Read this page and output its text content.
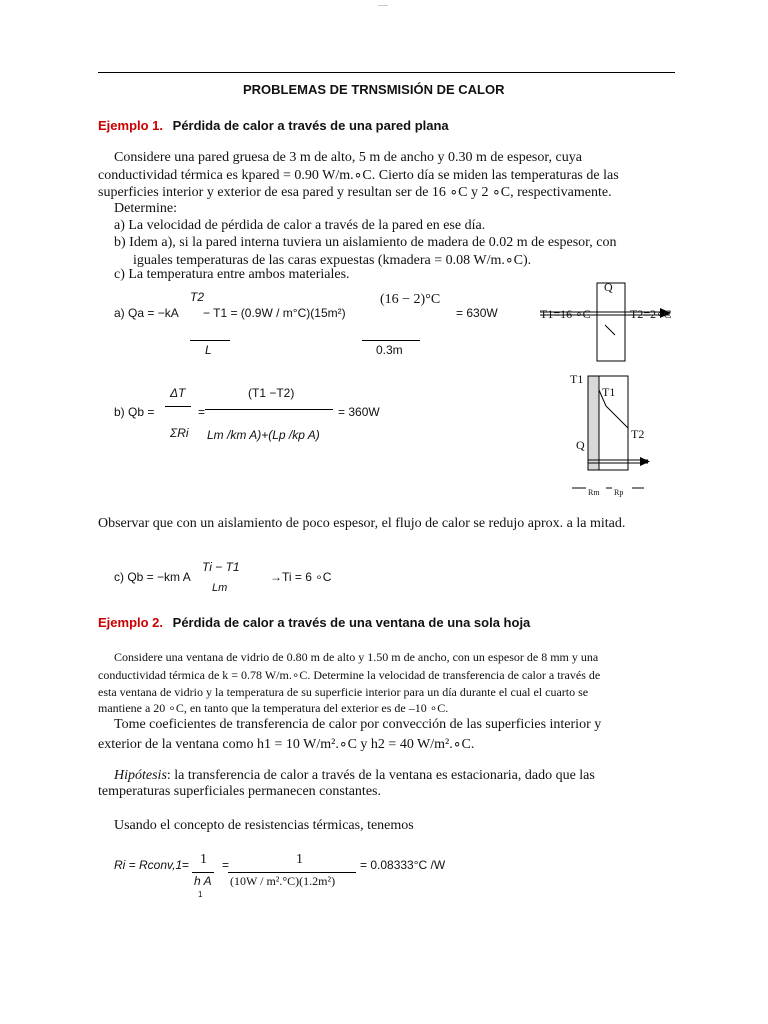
—
PROBLEMAS DE TRNSMISIÓN DE CALOR
Ejemplo 1. Pérdida de calor a través de una pared plana
Considere una pared gruesa de 3 m de alto, 5 m de ancho y 0.30 m de espesor, cuya
conductividad térmica es kpared = 0.90 W/m.∘C. Cierto día se miden las temperaturas de las
superficies interior y exterior de esa pared y resultan ser de 16 ∘C y 2 ∘C, respectivamente.
Determine:
a) La velocidad de pérdida de calor a través de la pared en ese día.
b) Idem a), si la pared interna tuviera un aislamiento de madera de 0.02 m de espesor, con
iguales temperaturas de las caras expuestas (kmadera = 0.08 W/m.∘C).
c) La temperatura entre ambos materiales.
a) Qa = −kA
T2
− T1 = (0.9W / m°C)(15m²)
(16 − 2)°C
= 630W
L	0.3m
b) Qb =
ΔT
ΣRi
=
(T1 −T2)
Lm /km A)+(Lp /kp A)
= 360W
Observar que con un aislamiento de poco espesor, el flujo de calor se redujo aprox. a la mitad.
c) Qb = −km A
Ti − T1
Lm
→Ti = 6 ∘C
Q
T1=16 ∘C	T2=2∘C
T1
T1
T2
Q
Rm Rp
Ejemplo 2. Pérdida de calor a través de una ventana de una sola hoja
Considere una ventana de vidrio de 0.80 m de alto y 1.50 m de ancho, con un espesor de 8 mm y una
conductividad térmica de k = 0.78 W/m.∘C. Determine la velocidad de transferencia de calor a través de
esta ventana de vidrio y la temperatura de su superficie interior para un día durante el cual el cuarto se
mantiene a 20 ∘C, en tanto que la temperatura del exterior es de –10 ∘C.
Tome coeficientes de transferencia de calor por convección de las superficies interior y
exterior de la ventana como h1 = 10 W/m².∘C y h2 = 40 W/m².∘C.
Hipótesis: la transferencia de calor a través de la ventana es estacionaria, dado que las
temperaturas superficiales permanecen constantes.
Usando el concepto de resistencias térmicas, tenemos
Ri = Rconv,1 = 1
h A
1
=	1
(10W / m².°C)(1.2m²)
= 0.08333°C /W
